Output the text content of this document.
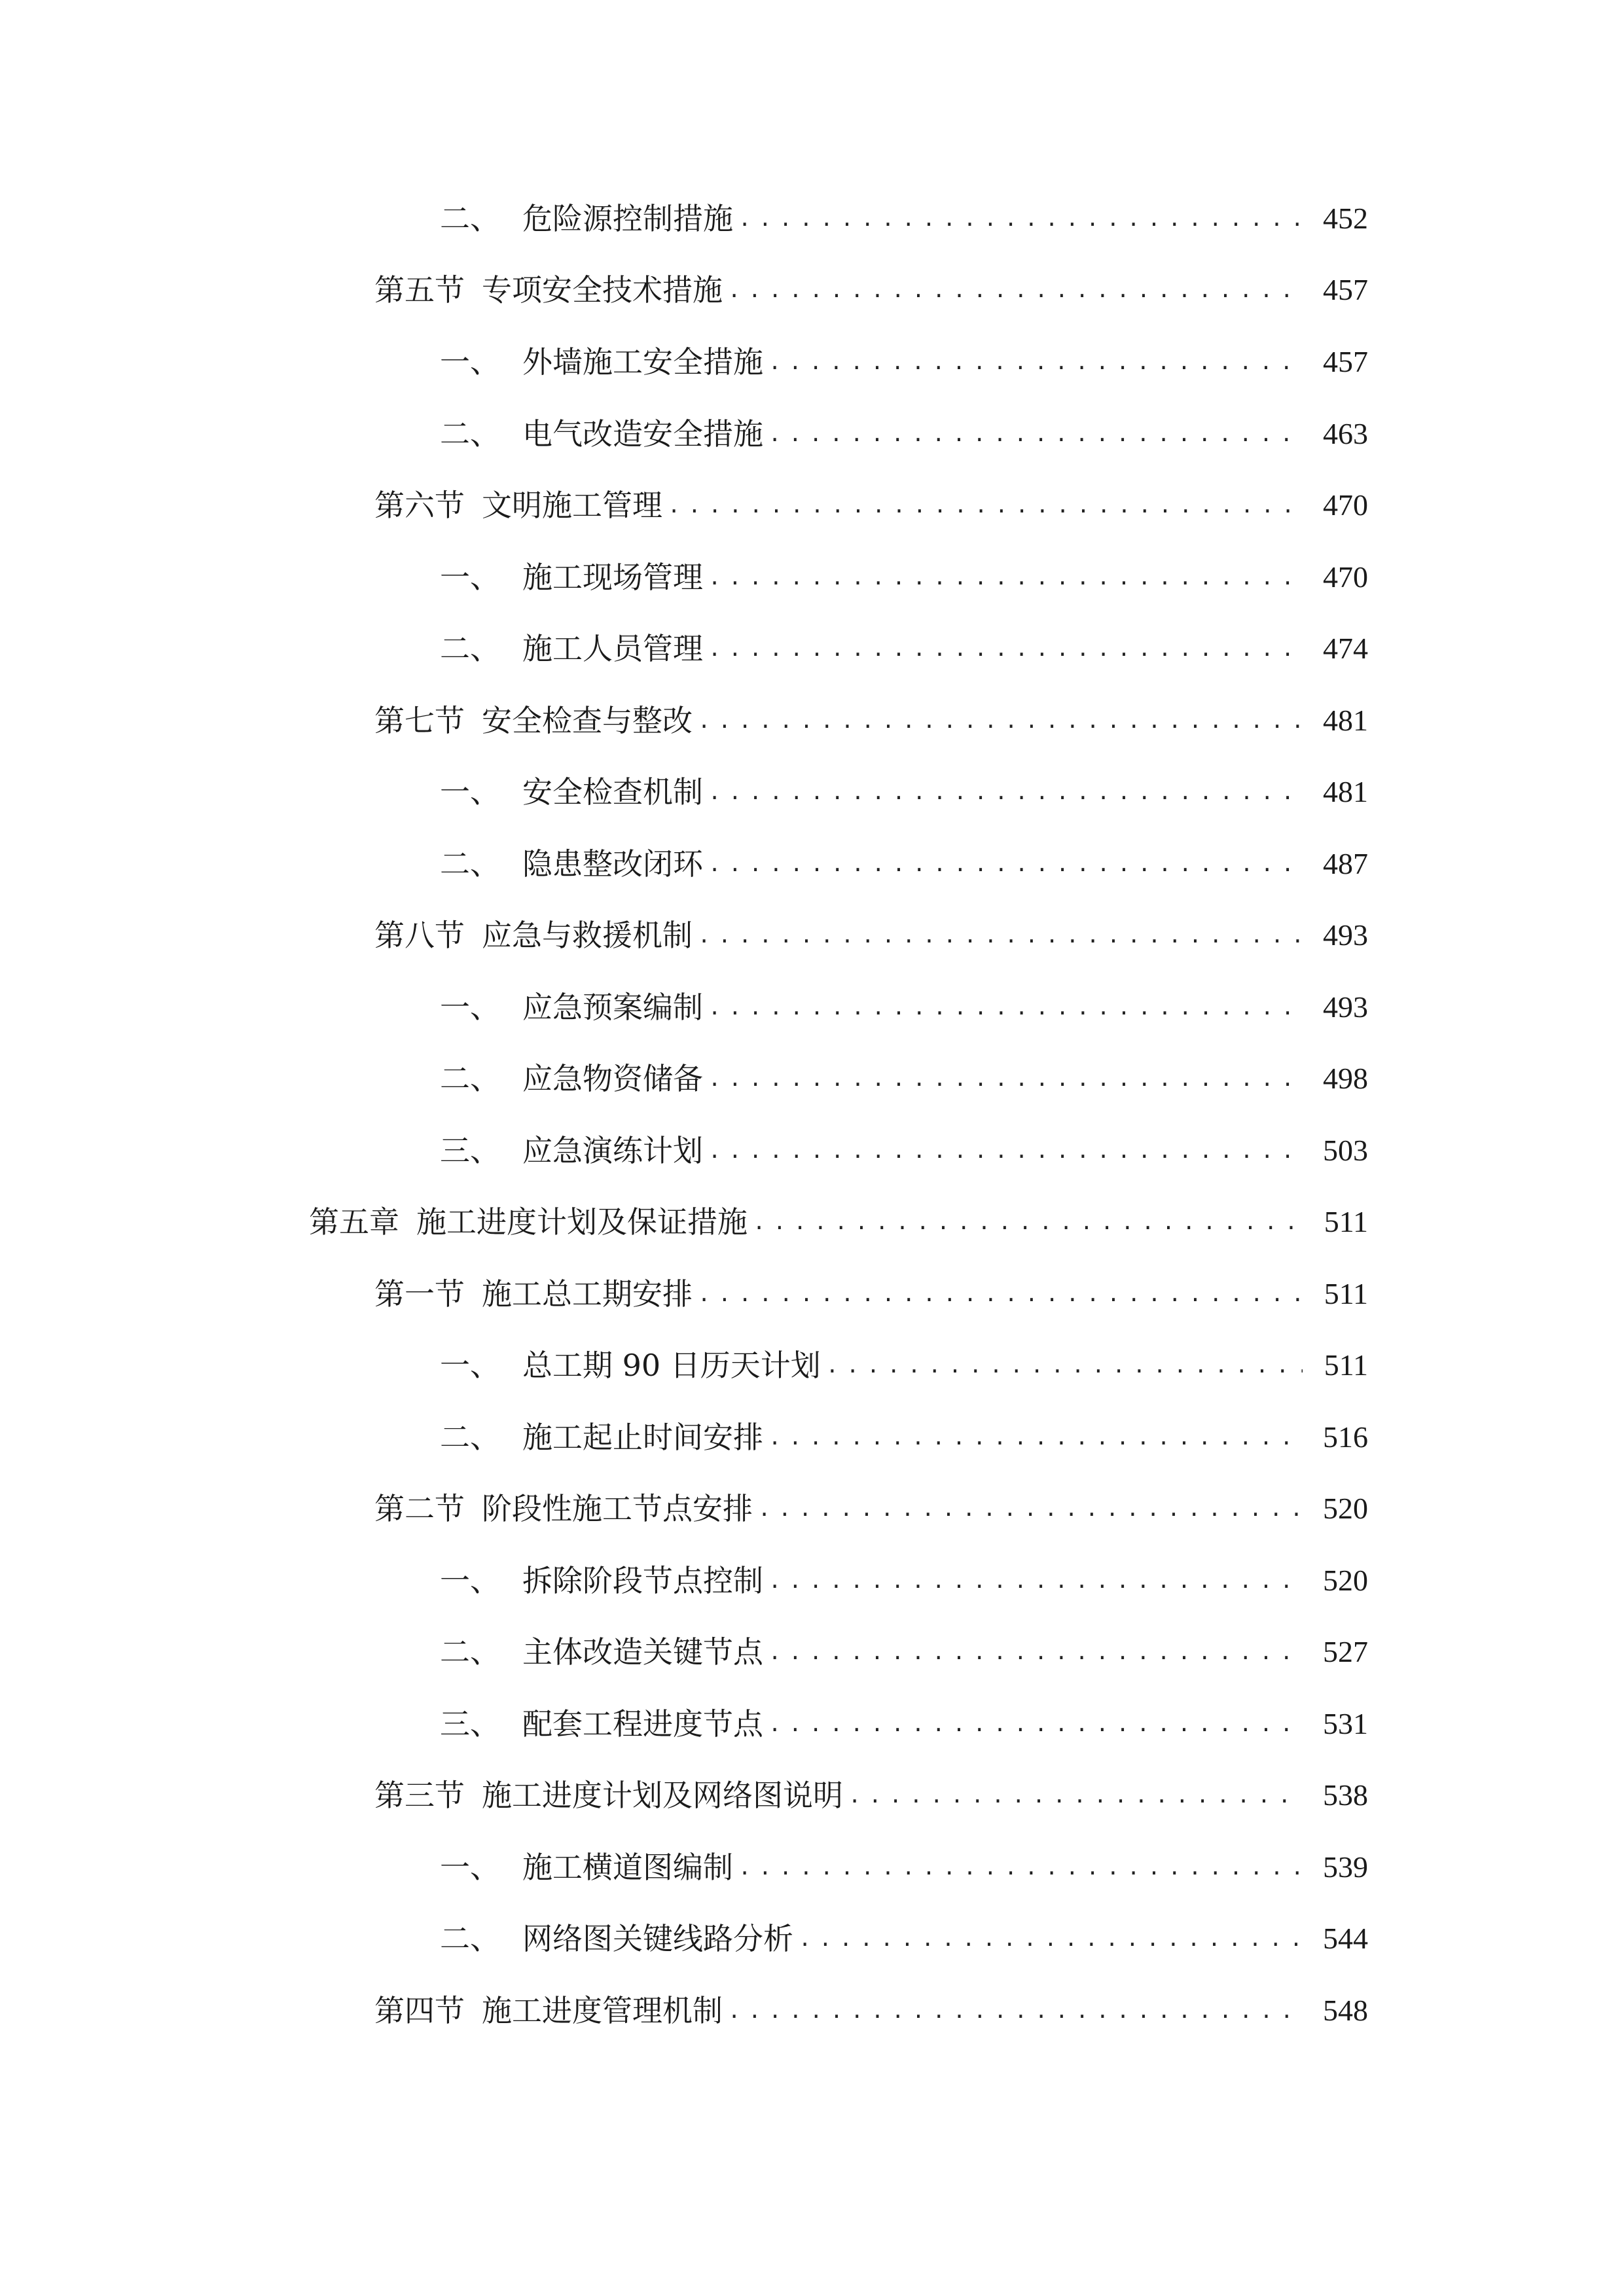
二、 危险源控制措施 .....	452
第五节 专项安全技术措施 .....	457
一、 外墙施工安全措施 .....	457
二、 电气改造安全措施 .....	463
第六节 文明施工管理 .....	470
一、 施工现场管理 .....	470
二、 施工人员管理 .....	474
第七节 安全检查与整改 .....	481
一、 安全检查机制 .....	481
二、 隐患整改闭环 .....	487
第八节 应急与救援机制 .....	493
一、 应急预案编制 .....	493
二、 应急物资储备 .....	498
三、 应急演练计划 .....	503
第五章 施工进度计划及保证措施 .....	511
第一节 施工总工期安排 .....	511
一、 总工期 90 日历天计划 .....	511
二、 施工起止时间安排 .....	516
第二节 阶段性施工节点安排 .....	520
一、 拆除阶段节点控制 .....	520
二、 主体改造关键节点 .....	527
三、 配套工程进度节点 .....	531
第三节 施工进度计划及网络图说明 .....	538
一、 施工横道图编制 .....	539
二、 网络图关键线路分析 .....	544
第四节 施工进度管理机制 .....	548
